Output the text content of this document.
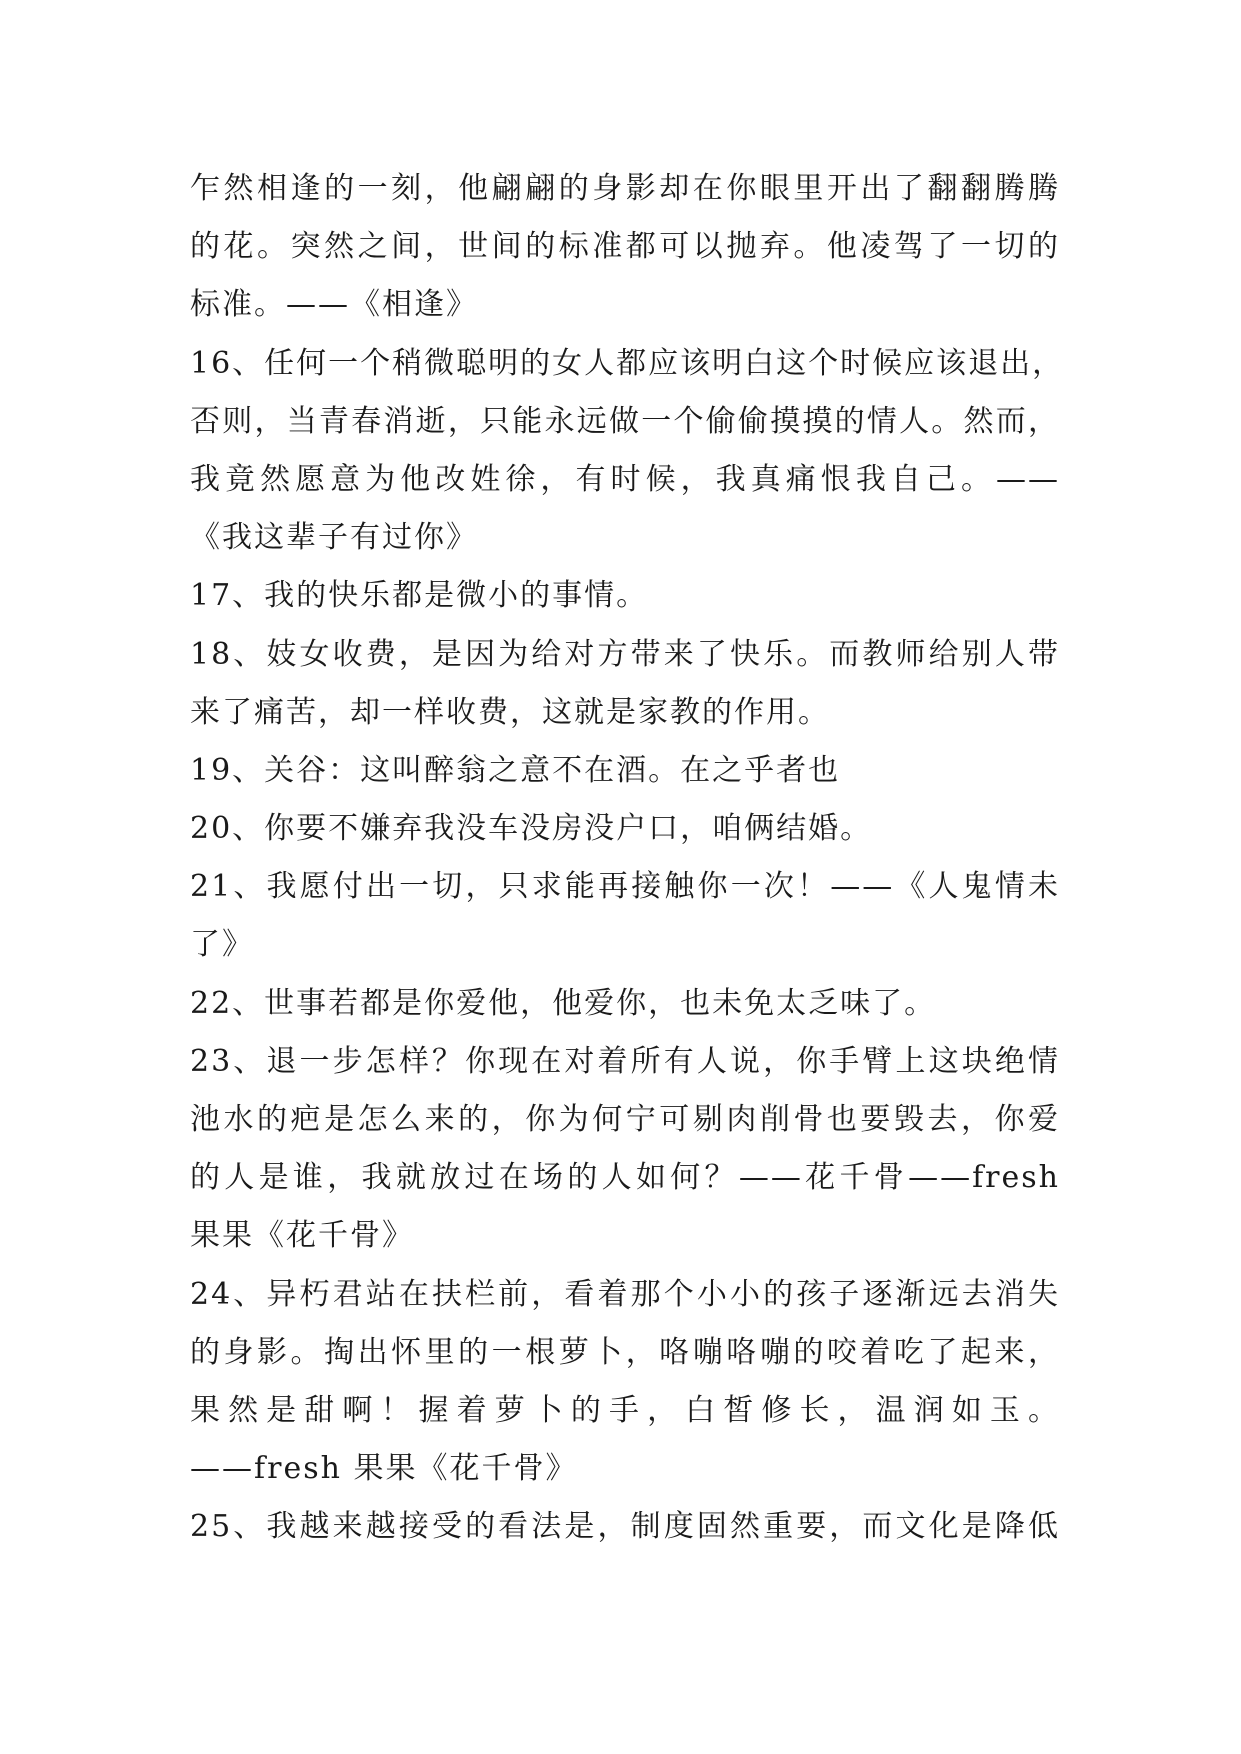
乍然相逢的一刻，他翩翩的身影却在你眼里开出了翻翻腾腾
的花。突然之间，世间的标准都可以抛弃。他凌驾了一切的
标准。——《相逢》
16、任何一个稍微聪明的女人都应该明白这个时候应该退出，
否则，当青春消逝，只能永远做一个偷偷摸摸的情人。然而，
我竟然愿意为他改姓徐，有时候，我真痛恨我自己。——
《我这辈子有过你》
17、我的快乐都是微小的事情。
18、妓女收费，是因为给对方带来了快乐。而教师给别人带
来了痛苦，却一样收费，这就是家教的作用。
19、关谷：这叫醉翁之意不在酒。在之乎者也
20、你要不嫌弃我没车没房没户口，咱俩结婚。
21、我愿付出一切，只求能再接触你一次！——《人鬼情未
了》
22、世事若都是你爱他，他爱你，也未免太乏味了。
23、退一步怎样？你现在对着所有人说，你手臂上这块绝情
池水的疤是怎么来的，你为何宁可剔肉削骨也要毁去，你爱
的人是谁，我就放过在场的人如何？——花千骨——fresh
果果《花千骨》
24、异朽君站在扶栏前，看着那个小小的孩子逐渐远去消失
的身影。掏出怀里的一根萝卜，咯嘣咯嘣的咬着吃了起来，
果然是甜啊！握着萝卜的手，白皙修长，温润如玉。
——fresh 果果《花千骨》
25、我越来越接受的看法是，制度固然重要，而文化是降低
